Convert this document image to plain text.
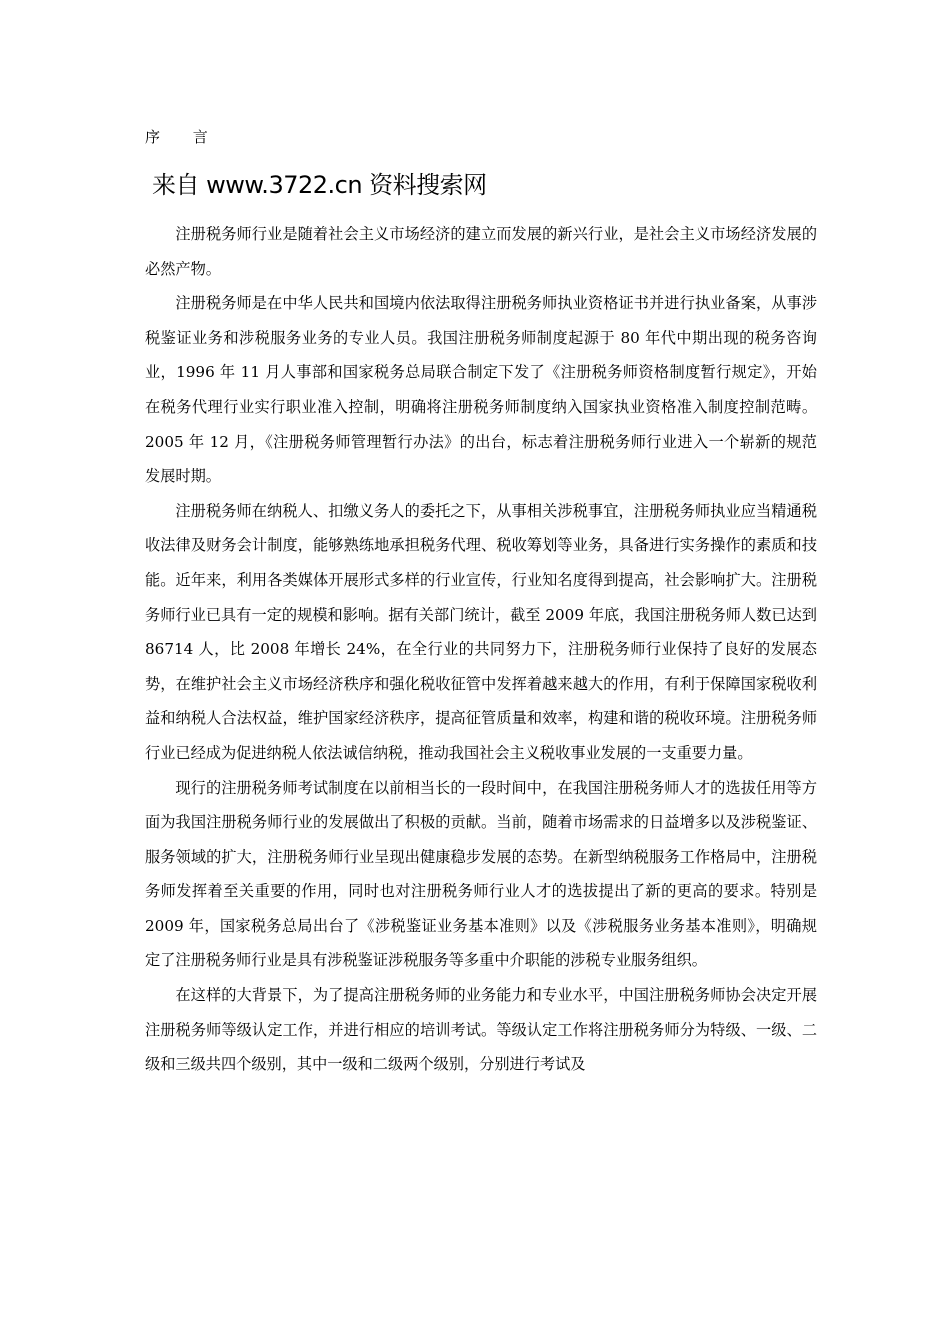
序 言
来自 www.3722.cn 资料搜索网

注册税务师行业是随着社会主义市场经济的建立而发展的新兴行业，是社会主义市场经济发展的必然产物。

注册税务师是在中华人民共和国境内依法取得注册税务师执业资格证书并进行执业备案，从事涉税鉴证业务和涉税服务业务的专业人员。我国注册税务师制度起源于 80 年代中期出现的税务咨询业，1996 年 11 月人事部和国家税务总局联合制定下发了《注册税务师资格制度暂行规定》，开始在税务代理行业实行职业准入控制，明确将注册税务师制度纳入国家执业资格准入制度控制范畴。2005 年 12 月，《注册税务师管理暂行办法》的出台，标志着注册税务师行业进入一个崭新的规范发展时期。

注册税务师在纳税人、扣缴义务人的委托之下，从事相关涉税事宜，注册税务师执业应当精通税收法律及财务会计制度，能够熟练地承担税务代理、税收筹划等业务，具备进行实务操作的素质和技能。近年来，利用各类媒体开展形式多样的行业宣传，行业知名度得到提高，社会影响扩大。注册税务师行业已具有一定的规模和影响。据有关部门统计，截至 2009 年底，我国注册税务师人数已达到 86714 人，比 2008 年增长 24%，在全行业的共同努力下，注册税务师行业保持了良好的发展态势，在维护社会主义市场经济秩序和强化税收征管中发挥着越来越大的作用，有利于保障国家税收利益和纳税人合法权益，维护国家经济秩序，提高征管质量和效率，构建和谐的税收环境。注册税务师行业已经成为促进纳税人依法诚信纳税，推动我国社会主义税收事业发展的一支重要力量。

现行的注册税务师考试制度在以前相当长的一段时间中，在我国注册税务师人才的选拔任用等方面为我国注册税务师行业的发展做出了积极的贡献。当前，随着市场需求的日益增多以及涉税鉴证、服务领域的扩大，注册税务师行业呈现出健康稳步发展的态势。在新型纳税服务工作格局中，注册税务师发挥着至关重要的作用，同时也对注册税务师行业人才的选拔提出了新的更高的要求。特别是 2009 年，国家税务总局出台了《涉税鉴证业务基本准则》以及《涉税服务业务基本准则》，明确规定了注册税务师行业是具有涉税鉴证涉税服务等多重中介职能的涉税专业服务组织。

在这样的大背景下，为了提高注册税务师的业务能力和专业水平，中国注册税务师协会决定开展注册税务师等级认定工作，并进行相应的培训考试。等级认定工作将注册税务师分为特级、一级、二级和三级共四个级别，其中一级和二级两个级别，分别进行考试及
